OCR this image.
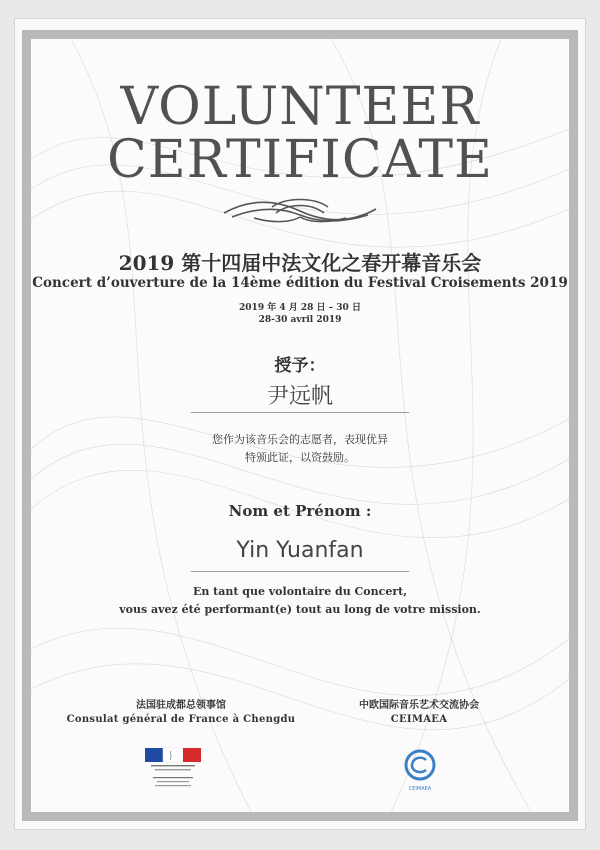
VOLUNTEER
CERTIFICATE
2019 第十四届中法文化之春开幕音乐会
Concert d’ouverture de la 14ème édition du Festival Croisements 2019
2019 年 4 月 28 日 – 30 日
28-30 avril 2019
授予：
尹远帆
您作为该音乐会的志愿者，表现优异
特颁此证，以资鼓励。
Nom et Prénom :
Yin Yuanfan
En tant que volontaire du Concert,
vous avez été performant(e) tout au long de votre mission.
法国驻成都总领事馆
Consulat général de France à Chengdu
中欧国际音乐艺术交流协会
CEIMAEA
CEIMAEA
